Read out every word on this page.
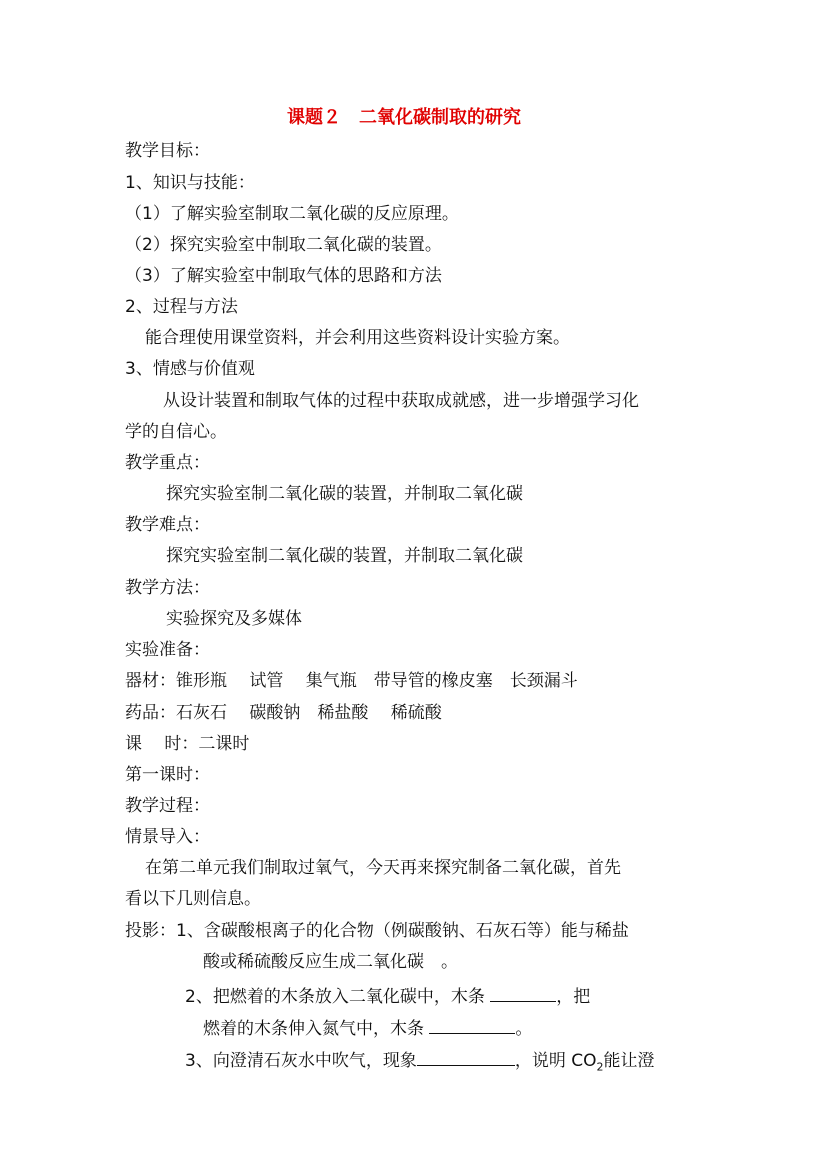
课题２　二氧化碳制取的研究
教学目标：
1、知识与技能：
（1）了解实验室制取二氧化碳的反应原理。
（2）探究实验室中制取二氧化碳的装置。
（3）了解实验室中制取气体的思路和方法
2、过程与方法
能合理使用课堂资料，并会利用这些资料设计实验方案。
3、情感与价值观
从设计装置和制取气体的过程中获取成就感，进一步增强学习化
学的自信心。
教学重点：
探究实验室制二氧化碳的装置，并制取二氧化碳
教学难点：
探究实验室制二氧化碳的装置，并制取二氧化碳
教学方法：
实验探究及多媒体
实验准备：
器材：锥形瓶　 试管　 集气瓶　带导管的橡皮塞　长颈漏斗
药品：石灰石　 碳酸钠　稀盐酸　 稀硫酸
课　 时：二课时
第一课时：
教学过程：
情景导入：
在第二单元我们制取过氧气，今天再来探究制备二氧化碳，首先
看以下几则信息。
投影：1、含碳酸根离子的化合物（例碳酸钠、石灰石等）能与稀盐
酸或稀硫酸反应生成二氧化碳　。
2、把燃着的木条放入二氧化碳中，木条	，把
燃着的木条伸入氮气中，木条	。
3、向澄清石灰水中吹气，现象	，说明 $CO_2$能让澄
